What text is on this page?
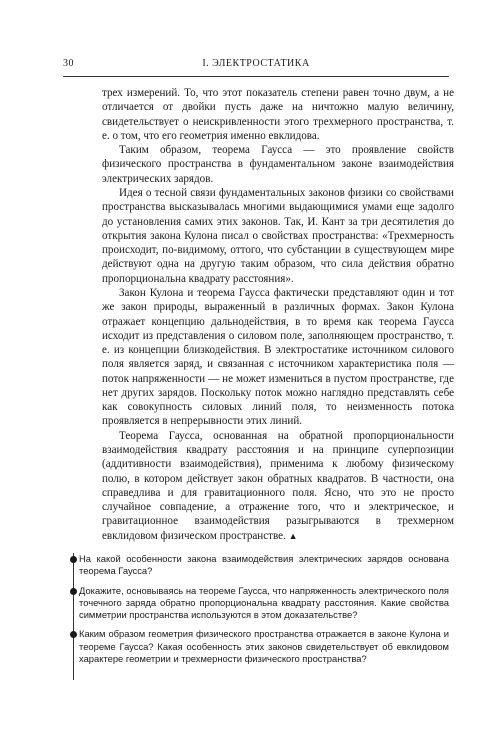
30	I. ЭЛЕКТРОСТАТИКА

трех измерений. То, что этот показатель степени равен точно двум, а не отличается от двойки пусть даже на ничтожно малую величину, свидетельствует о неискривленности этого трехмерного пространства, т. е. о том, что его геометрия именно евклидова.

Таким образом, теорема Гаусса — это проявление свойств физического пространства в фундаментальном законе взаимодействия электрических зарядов.

Идея о тесной связи фундаментальных законов физики со свойствами пространства высказывалась многими выдающимися умами еще задолго до установления самих этих законов. Так, И. Кант за три десятилетия до открытия закона Кулона писал о свойствах пространства: «Трехмерность происходит, по-видимому, оттого, что субстанции в существующем мире действуют одна на другую таким образом, что сила действия обратно пропорциональна квадрату расстояния».

Закон Кулона и теорема Гаусса фактически представляют один и тот же закон природы, выраженный в различных формах. Закон Кулона отражает концепцию дальнодействия, в то время как теорема Гаусса исходит из представления о силовом поле, заполняющем пространство, т. е. из концепции близкодействия. В электростатике источником силового поля является заряд, и связанная с источником характеристика поля — поток напряженности — не может измениться в пустом пространстве, где нет других зарядов. Поскольку поток можно наглядно представлять себе как совокупность силовых линий поля, то неизменность потока проявляется в непрерывности этих линий.

Теорема Гаусса, основанная на обратной пропорциональности взаимодействия квадрату расстояния и на принципе суперпозиции (аддитивности взаимодействия), применима к любому физическому полю, в котором действует закон обратных квадратов. В частности, она справедлива и для гравитационного поля. Ясно, что это не просто случайное совпадение, а отражение того, что и электрическое, и гравитационное взаимодействия разыгрываются в трехмерном евклидовом физическом пространстве. ▲

На какой особенности закона взаимодействия электрических зарядов основана теорема Гаусса?
Докажите, основываясь на теореме Гаусса, что напряженность электрического поля точечного заряда обратно пропорциональна квадрату расстояния. Какие свойства симметрии пространства используются в этом доказательстве?
Каким образом геометрия физического пространства отражается в законе Кулона и теореме Гаусса? Какая особенность этих законов свидетельствует об евклидовом характере геометрии и трехмерности физического пространства?
